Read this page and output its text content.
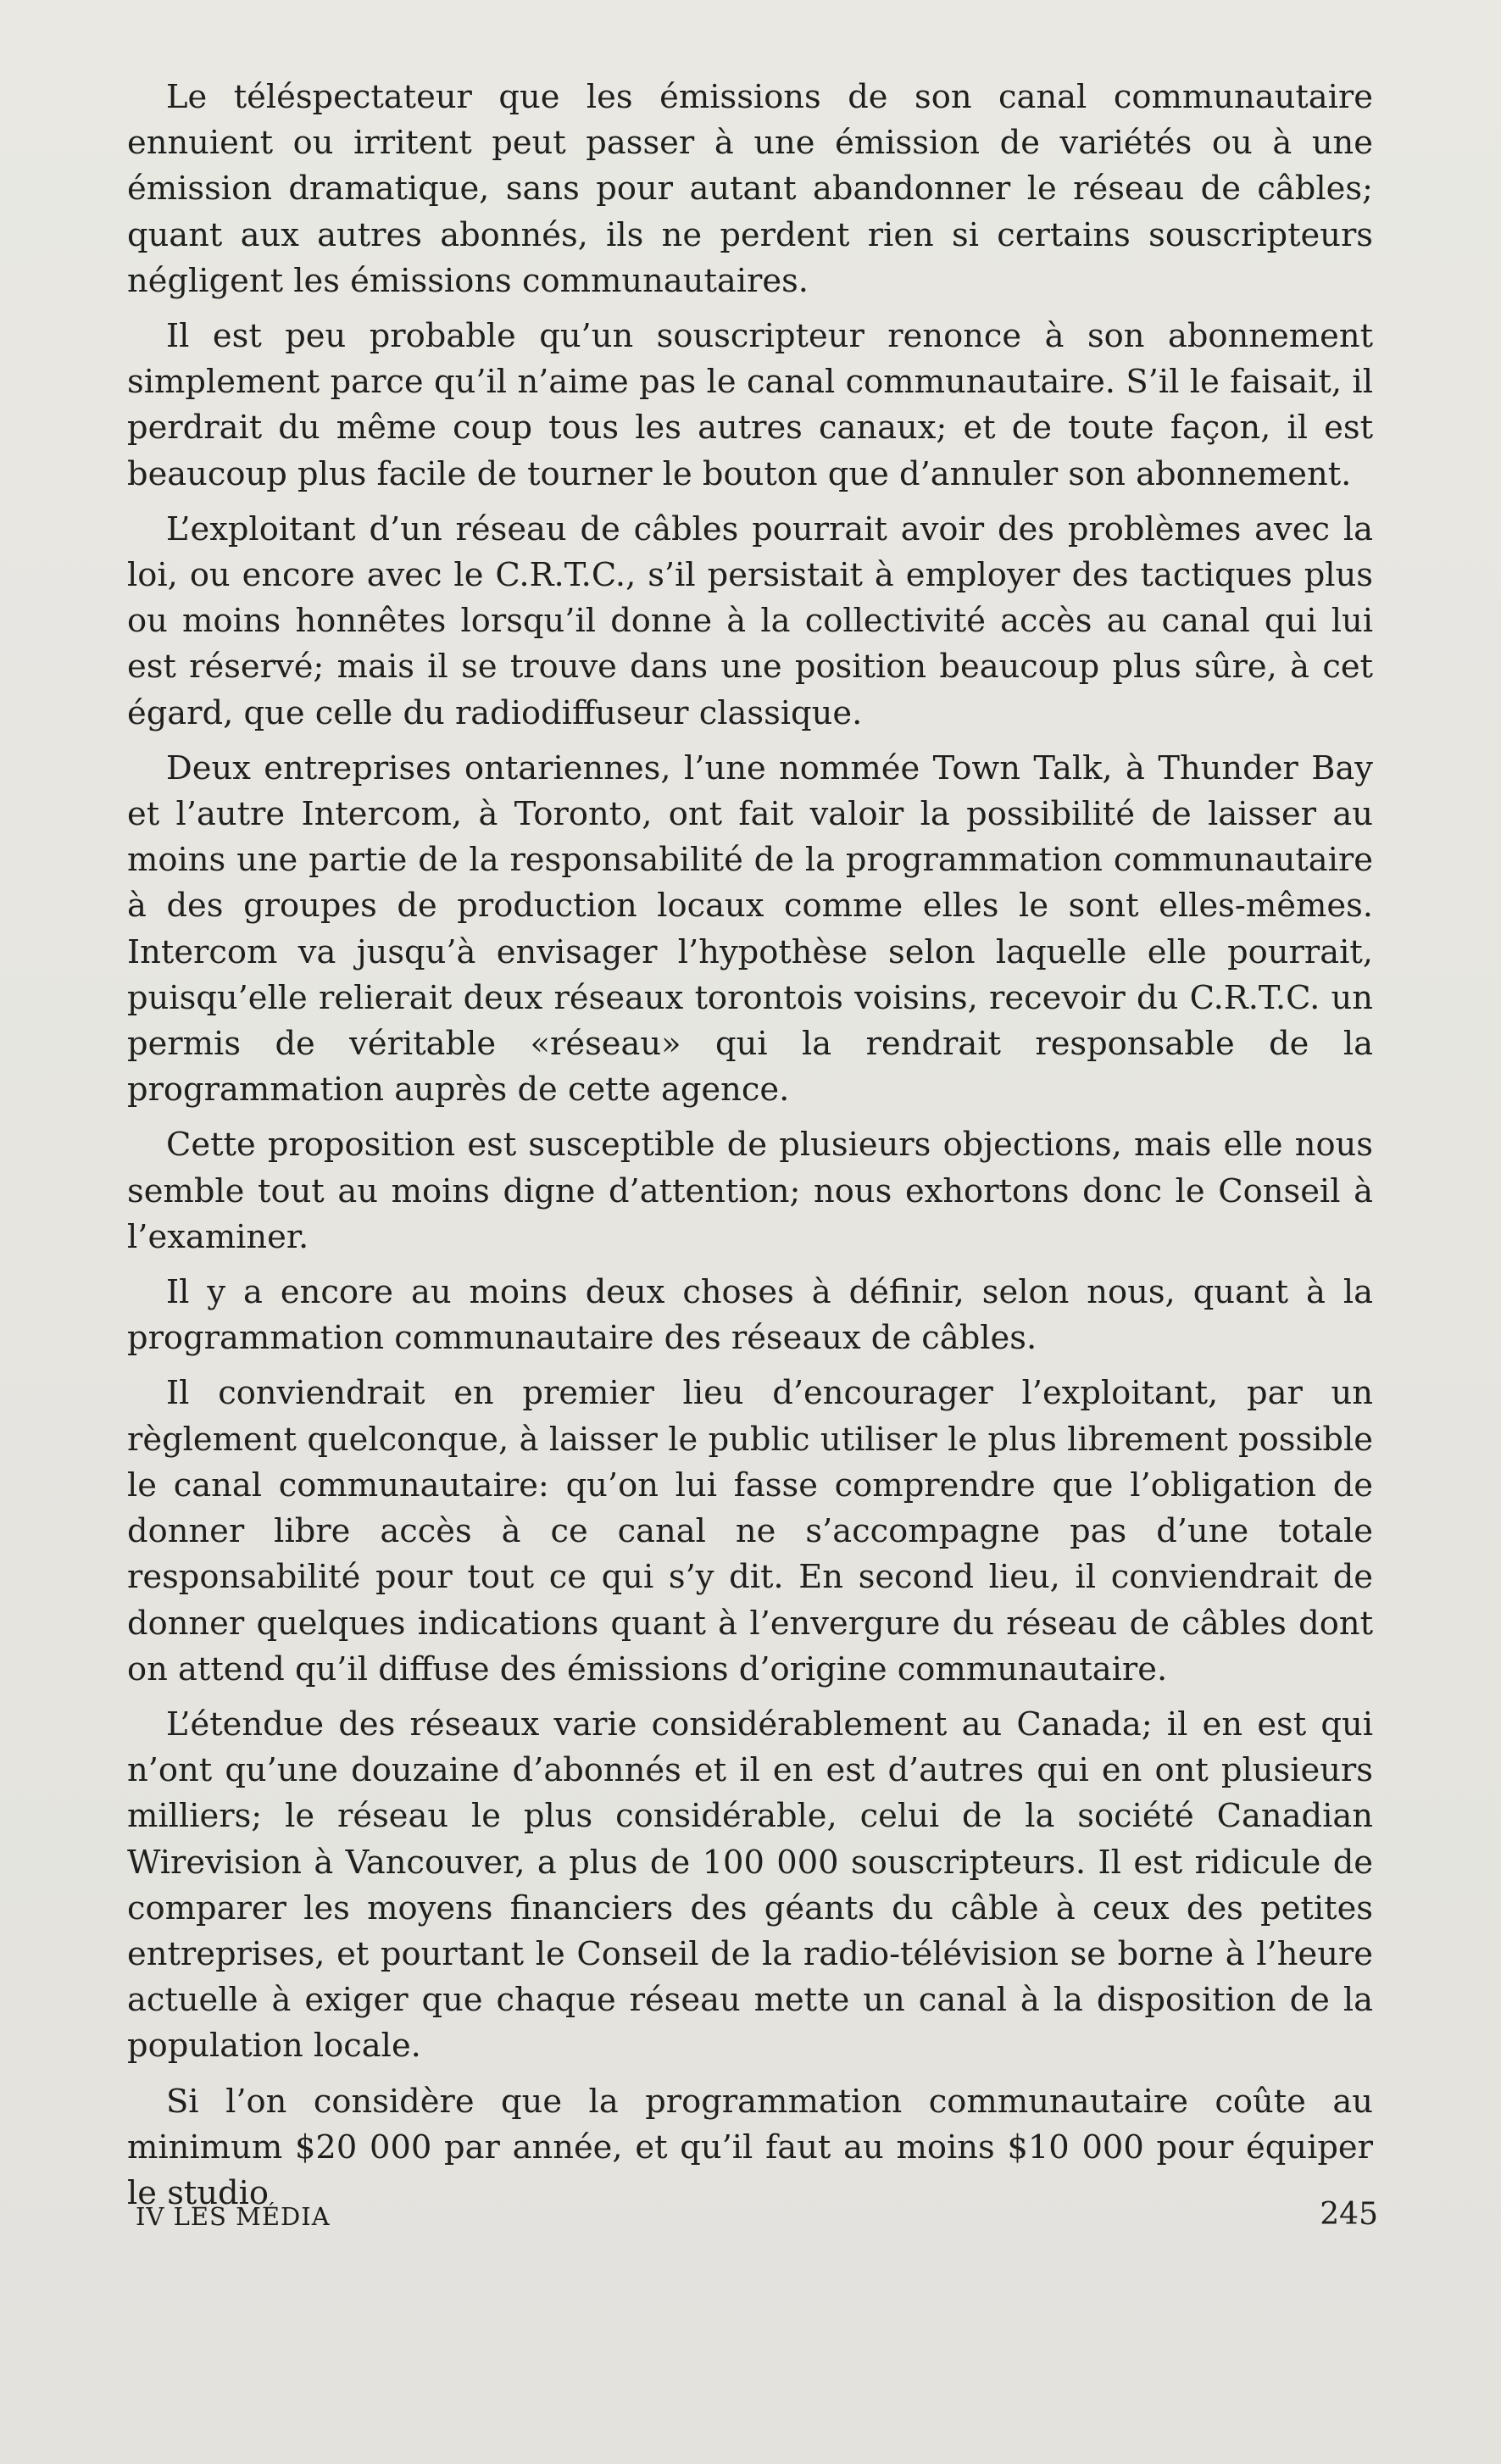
Le téléspectateur que les émissions de son canal communautaire ennuient ou irritent peut passer à une émission de variétés ou à une émission dramatique, sans pour autant abandonner le réseau de câbles; quant aux autres abonnés, ils ne perdent rien si certains souscripteurs négligent les émissions communautaires.

Il est peu probable qu’un souscripteur renonce à son abonnement simplement parce qu’il n’aime pas le canal communautaire. S’il le faisait, il perdrait du même coup tous les autres canaux; et de toute façon, il est beaucoup plus facile de tourner le bouton que d’annuler son abonnement.

L’exploitant d’un réseau de câbles pourrait avoir des problèmes avec la loi, ou encore avec le C.R.T.C., s’il persistait à employer des tactiques plus ou moins honnêtes lorsqu’il donne à la collectivité accès au canal qui lui est réservé; mais il se trouve dans une position beaucoup plus sûre, à cet égard, que celle du radiodiffuseur classique.

Deux entreprises ontariennes, l’une nommée Town Talk, à Thunder Bay et l’autre Intercom, à Toronto, ont fait valoir la possibilité de laisser au moins une partie de la responsabilité de la programmation communautaire à des groupes de production locaux comme elles le sont elles-mêmes. Intercom va jusqu’à envisager l’hypothèse selon laquelle elle pourrait, puisqu’elle relierait deux réseaux torontois voisins, recevoir du C.R.T.C. un permis de véritable «réseau» qui la rendrait responsable de la programmation auprès de cette agence.

Cette proposition est susceptible de plusieurs objections, mais elle nous semble tout au moins digne d’attention; nous exhortons donc le Conseil à l’examiner.

Il y a encore au moins deux choses à définir, selon nous, quant à la programmation communautaire des réseaux de câbles.

Il conviendrait en premier lieu d’encourager l’exploitant, par un règlement quelconque, à laisser le public utiliser le plus librement possible le canal communautaire: qu’on lui fasse comprendre que l’obligation de donner libre accès à ce canal ne s’accompagne pas d’une totale responsabilité pour tout ce qui s’y dit. En second lieu, il conviendrait de donner quelques indications quant à l’envergure du réseau de câbles dont on attend qu’il diffuse des émissions d’origine communautaire.

L’étendue des réseaux varie considérablement au Canada; il en est qui n’ont qu’une douzaine d’abonnés et il en est d’autres qui en ont plusieurs milliers; le réseau le plus considérable, celui de la société Canadian Wirevision à Vancouver, a plus de 100 000 souscripteurs. Il est ridicule de comparer les moyens financiers des géants du câble à ceux des petites entreprises, et pourtant le Conseil de la radio-télévision se borne à l’heure actuelle à exiger que chaque réseau mette un canal à la disposition de la population locale.

Si l’on considère que la programmation communautaire coûte au minimum $20 000 par année, et qu’il faut au moins $10 000 pour équiper le studio

IV LES MÉDIA	245
